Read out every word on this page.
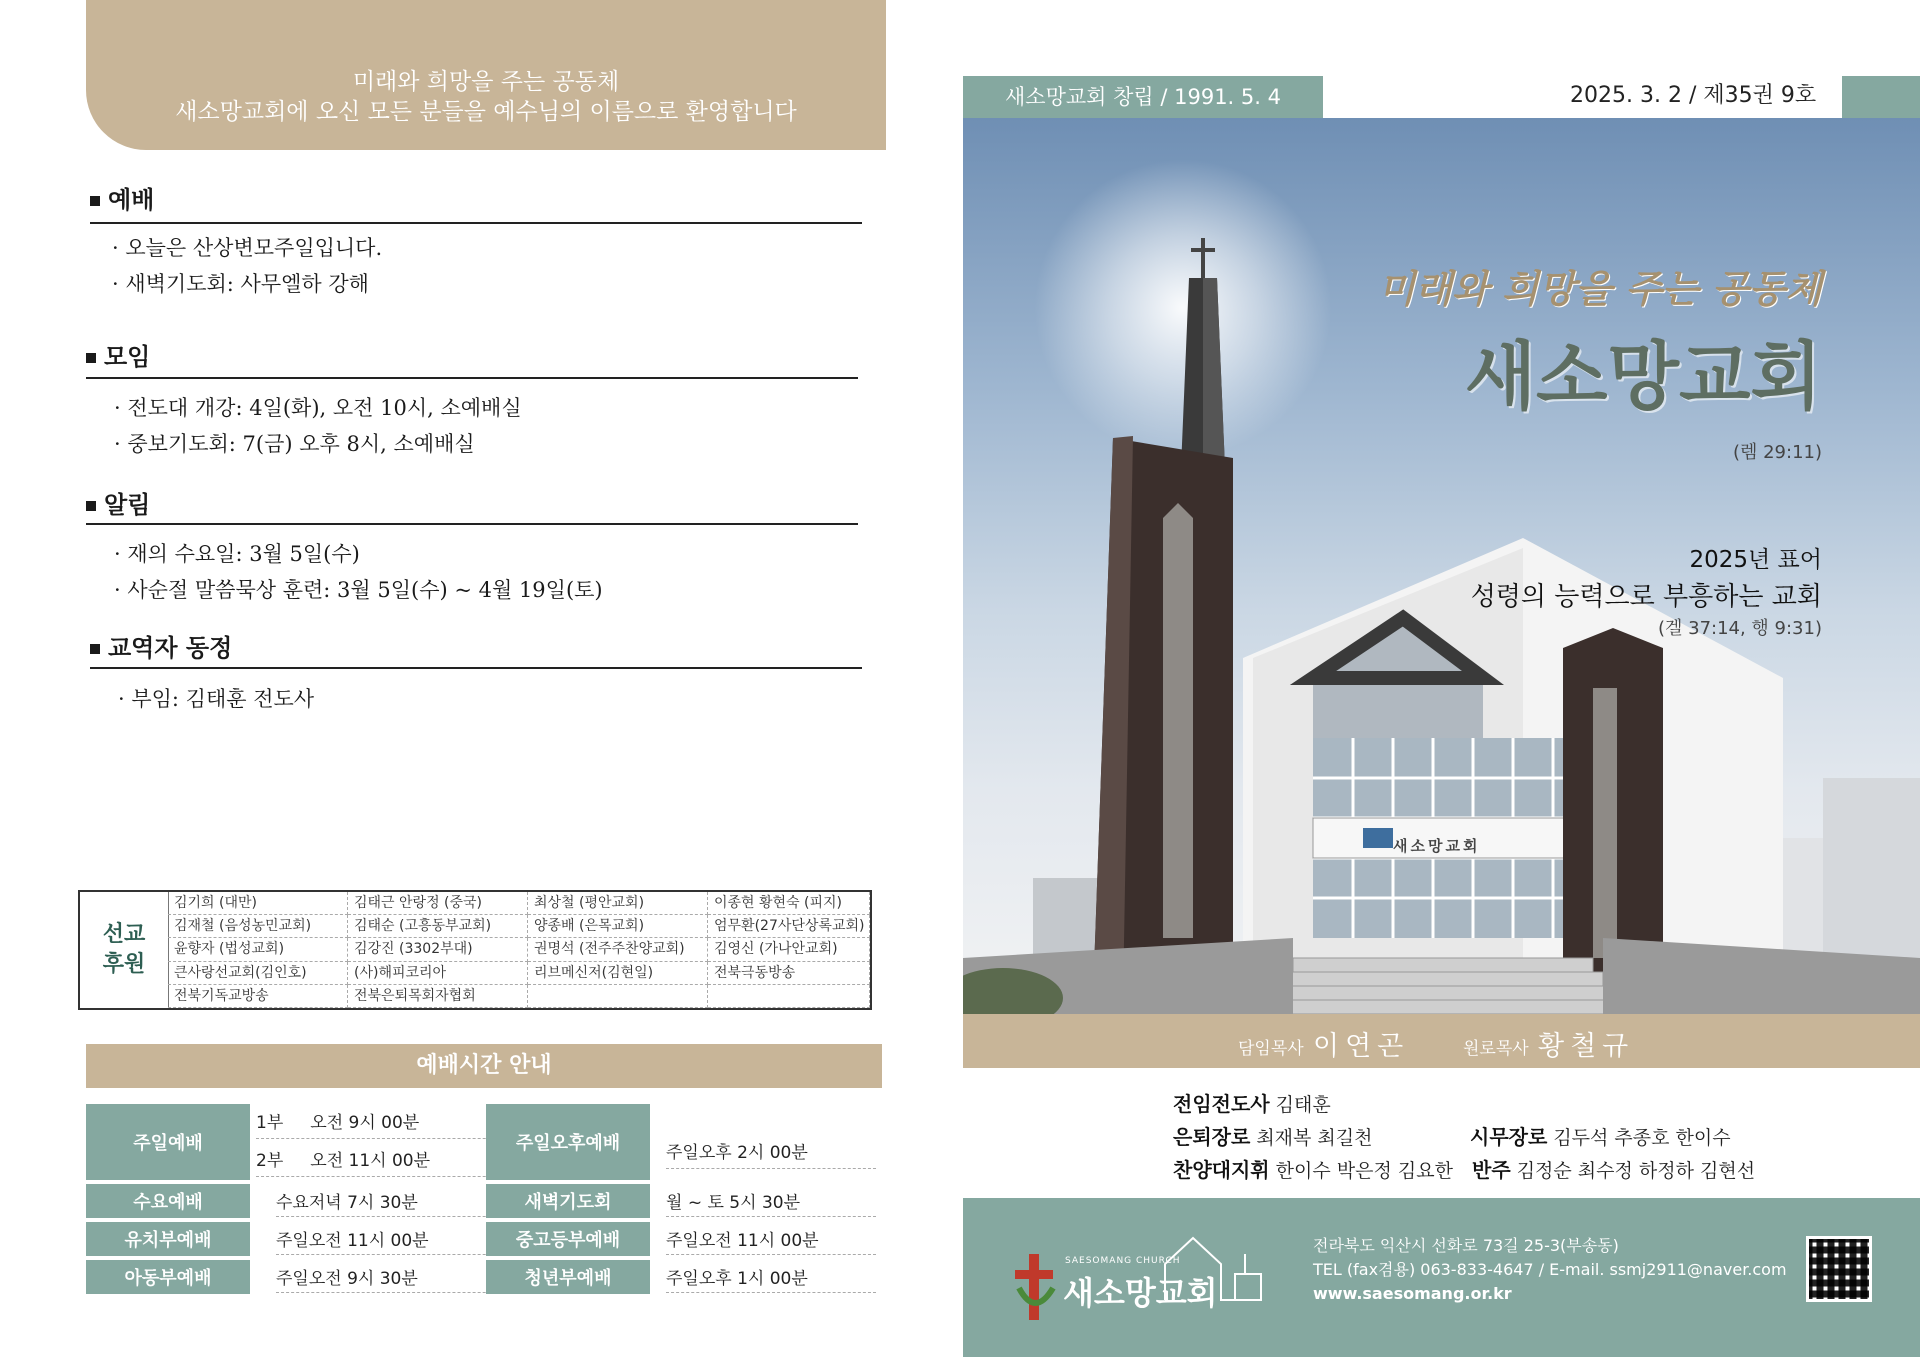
미래와 희망을 주는 공동체
새소망교회에 오신 모든 분들을 예수님의 이름으로 환영합니다
예배
· 오늘은 산상변모주일입니다.
· 새벽기도회: 사무엘하 강해
모임
· 전도대 개강: 4일(화), 오전 10시, 소예배실
· 중보기도회: 7(금) 오후 8시, 소예배실
알림
· 재의 수요일: 3월 5일(수)
· 사순절 말씀묵상 훈련: 3월 5일(수) ~ 4월 19일(토)
교역자 동정
· 부임: 김태훈 전도사
선교
후원
김기희 (대만)	김태근 안랑정 (중국)	최상철 (평안교회)	이종현 황현숙 (피지)
김재철 (음성농민교회)	김태순 (고흥동부교회)	양종배 (은목교회)	엄무환(27사단상록교회)
윤향자 (법성교회)	김강진 (3302부대)	권명석 (전주주찬양교회)	김영신 (가나안교회)
큰사랑선교회(김인호)	(사)해피코리아	리브메신저(김현일)	전북극동방송
전북기독교방송	전북은퇴목회자협회
예배시간 안내
주일예배
1부 오전 9시 00분
2부 오전 11시 00분
주일오후예배	주일오후 2시 00분
수요예배	수요저녁 7시 30분	새벽기도회	월 ~ 토 5시 30분
유치부예배	주일오전 11시 00분	중고등부예배	주일오전 11시 00분
아동부예배	주일오전 9시 30분	청년부예배	주일오후 1시 00분
새소망교회 창립 / 1991. 5. 4	2025. 3. 2 / 제35권 9호
미래와 희망을 주는 공동체
새소망교회
(렘 29:11)
2025년 표어
성령의 능력으로 부흥하는 교회
(겔 37:14, 행 9:31)
새소망교회
담임목사 이연곤	원로목사 황철규
전임전도사 김태훈
은퇴장로 최재복 최길천	시무장로 김두석 추종호 한이수
찬양대지휘 한이수 박은정 김요한 반주 김정순 최수정 하정하 김현선
SAESOMANG CHURCH
새소망교회
전라북도 익산시 선화로 73길 25-3(부송동)
TEL (fax겸용) 063-833-4647 / E-mail. ssmj2911@naver.com
www.saesomang.or.kr
